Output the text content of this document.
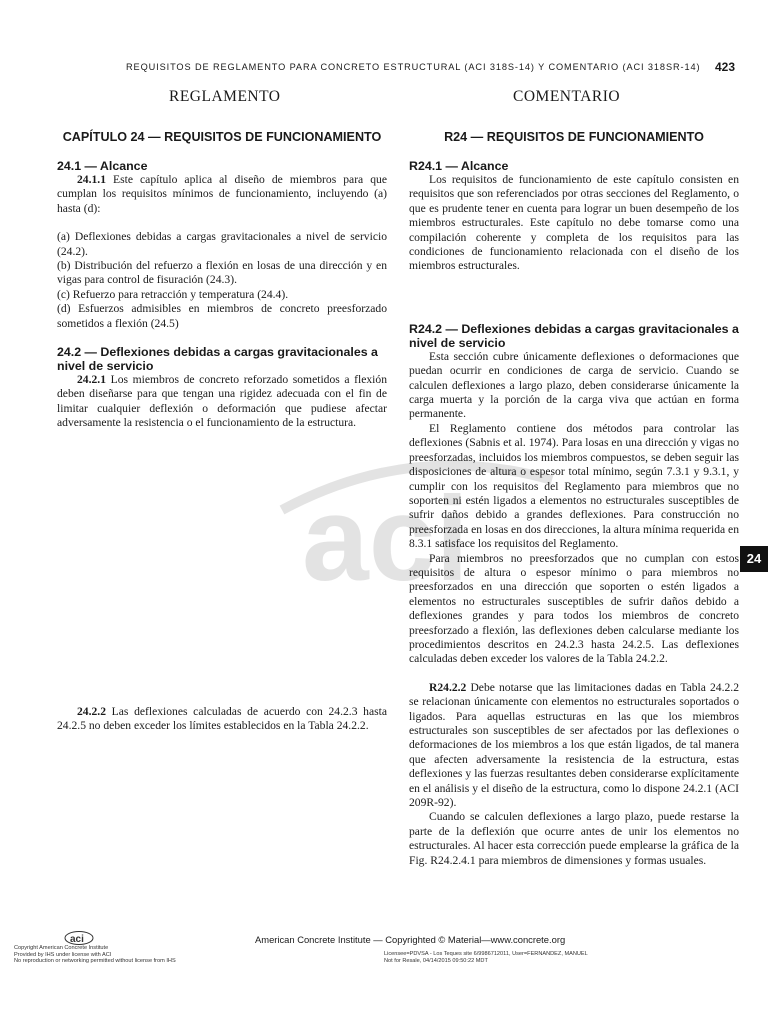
aci
REQUISITOS DE REGLAMENTO PARA CONCRETO ESTRUCTURAL (ACI 318S-14) Y COMENTARIO (ACI 318SR-14) 423
REGLAMENTO	COMENTARIO
CAPÍTULO 24 — REQUISITOS DE FUNCIONAMIENTO
24.1 — Alcance

24.1.1 Este capítulo aplica al diseño de miembros para que cumplan los requisitos mínimos de funcionamiento, incluyendo (a) hasta (d):

(a) Deflexiones debidas a cargas gravitacionales a nivel de servicio (24.2).

(b) Distribución del refuerzo a flexión en losas de una dirección y en vigas para control de fisuración (24.3).

(c) Refuerzo para retracción y temperatura (24.4).

(d) Esfuerzos admisibles en miembros de concreto preesforzado sometidos a flexión (24.5)

24.2 — Deflexiones debidas a cargas gravitacionales a nivel de servicio

24.2.1 Los miembros de concreto reforzado sometidos a flexión deben diseñarse para que tengan una rigidez adecuada con el fin de limitar cualquier deflexión o deformación que pudiese afectar adversamente la resistencia o el funcionamiento de la estructura.

24.2.2 Las deflexiones calculadas de acuerdo con 24.2.3 hasta 24.2.5 no deben exceder los límites establecidos en la Tabla 24.2.2.

R24 — REQUISITOS DE FUNCIONAMIENTO
R24.1 — Alcance

Los requisitos de funcionamiento de este capítulo consisten en requisitos que son referenciados por otras secciones del Reglamento, o que es prudente tener en cuenta para lograr un buen desempeño de los miembros estructurales. Este capítulo no debe tomarse como una compilación coherente y completa de los requisitos para las condiciones de funcionamiento relacionada con el diseño de los miembros estructurales.

R24.2 — Deflexiones debidas a cargas gravitacionales a nivel de servicio

Esta sección cubre únicamente deflexiones o deformaciones que puedan ocurrir en condiciones de carga de servicio. Cuando se calculen deflexiones a largo plazo, deben considerarse únicamente la carga muerta y la porción de la carga viva que actúan en forma permanente.

El Reglamento contiene dos métodos para controlar las deflexiones (Sabnis et al. 1974). Para losas en una dirección y vigas no preesforzadas, incluidos los miembros compuestos, se deben seguir las disposiciones de altura o espesor total mínimo, según 7.3.1 y 9.3.1, y cumplir con los requisitos del Reglamento para miembros que no soporten ni estén ligados a elementos no estructurales susceptibles de sufrir daños debido a grandes deflexiones. Para construcción no preesforzada en losas en dos direcciones, la altura mínima requerida en 8.3.1 satisface los requisitos del Reglamento.

Para miembros no preesforzados que no cumplan con estos requisitos de altura o espesor mínimo o para miembros no preesforzados en una dirección que soporten o estén ligados a elementos no estructurales susceptibles de sufrir daños debido a deflexiones grandes y para todos los miembros de concreto preesforzado a flexión, las deflexiones deben calcularse mediante los procedimientos descritos en 24.2.3 hasta 24.2.5. Las deflexiones calculadas deben exceder los valores de la Tabla 24.2.2.

R24.2.2 Debe notarse que las limitaciones dadas en Tabla 24.2.2 se relacionan únicamente con elementos no estructurales soportados o ligados. Para aquellas estructuras en las que los miembros estructurales son susceptibles de ser afectados por las deflexiones o deformaciones de los miembros a los que están ligados, de tal manera que afecten adversamente la resistencia de la estructura, estas deflexiones y las fuerzas resultantes deben considerarse explícitamente en el análisis y el diseño de la estructura, como lo dispone 24.2.1 (ACI 209R-92).

Cuando se calculen deflexiones a largo plazo, puede restarse la parte de la deflexión que ocurre antes de unir los elementos no estructurales. Al hacer esta corrección puede emplearse la gráfica de la Fig. R24.2.4.1 para miembros de dimensiones y formas usuales.

24
aci	American Concrete Institute — Copyrighted © Material—www.concrete.org
Copyright American Concrete Institute
Provided by IHS under license with ACI
No reproduction or networking permitted without license from IHS
Licensee=PDVSA - Los Teques site 6/9986712011, User=FERNANDEZ, MANUEL
Not for Resale, 04/14/2015 09:50:22 MDT
